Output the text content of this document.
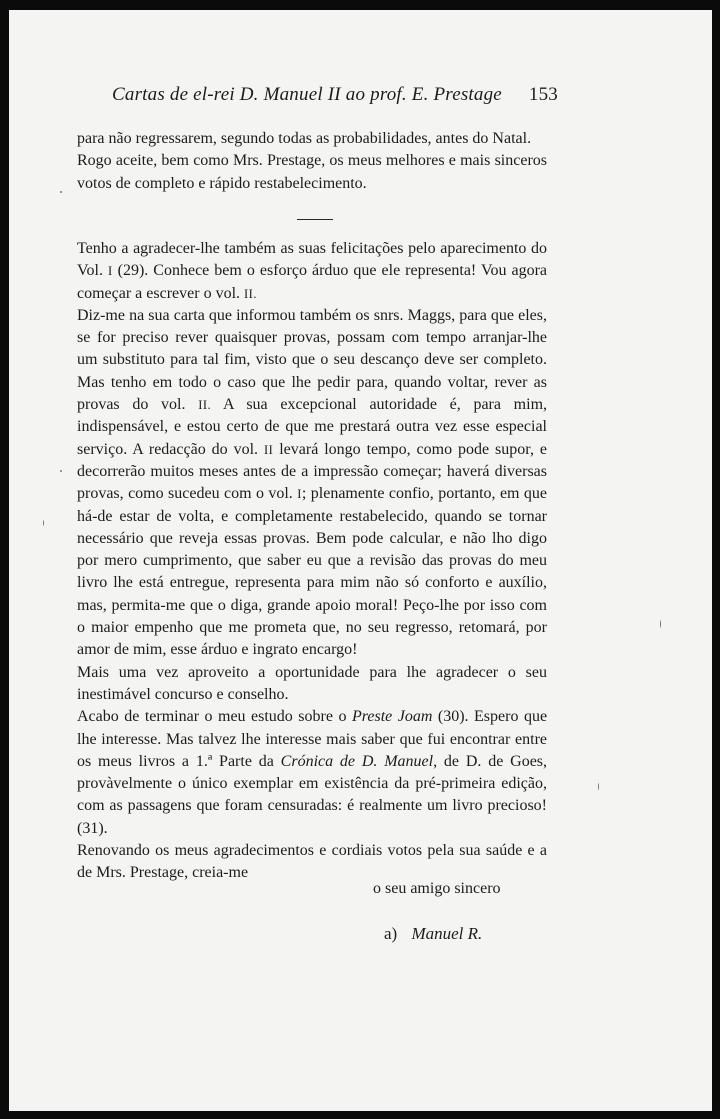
Cartas de el-rei D. Manuel II ao prof. E. Prestage 153

para não regressarem, segundo todas as probabilidades, antes do Natal.

Rogo aceite, bem como Mrs. Prestage, os meus melhores e mais sinceros votos de completo e rápido restabelecimento.

Tenho a agradecer-lhe também as suas felicitações pelo aparecimento do Vol. I (29). Conhece bem o esforço árduo que ele representa! Vou agora começar a escrever o vol. II.

Diz-me na sua carta que informou também os snrs. Maggs, para que eles, se for preciso rever quaisquer provas, possam com tempo arranjar-lhe um substituto para tal fim, visto que o seu descanço deve ser completo. Mas tenho em todo o caso que lhe pedir para, quando voltar, rever as provas do vol. II. A sua excepcional autoridade é, para mim, indispensável, e estou certo de que me prestará outra vez esse especial serviço. A redacção do vol. II levará longo tempo, como pode supor, e decorrerão muitos meses antes de a impressão começar; haverá diversas provas, como sucedeu com o vol. I; plenamente confio, portanto, em que há-de estar de volta, e completamente restabelecido, quando se tornar necessário que reveja essas provas. Bem pode calcular, e não lho digo por mero cumprimento, que saber eu que a revisão das provas do meu livro lhe está entregue, representa para mim não só conforto e auxílio, mas, permita-me que o diga, grande apoio moral! Peço-lhe por isso com o maior empenho que me prometa que, no seu regresso, retomará, por amor de mim, esse árduo e ingrato encargo!

Mais uma vez aproveito a oportunidade para lhe agradecer o seu inestimável concurso e conselho.

Acabo de terminar o meu estudo sobre o Preste Joam (30). Espero que lhe interesse. Mas talvez lhe interesse mais saber que fui encontrar entre os meus livros a 1.ª Parte da Crónica de D. Manuel, de D. de Goes, provàvelmente o único exemplar em existência da pré-primeira edição, com as passagens que foram censuradas: é realmente um livro precioso! (31).

Renovando os meus agradecimentos e cordiais votos pela sua saúde e a de Mrs. Prestage, creia-me

o seu amigo sincero
a) Manuel R.
